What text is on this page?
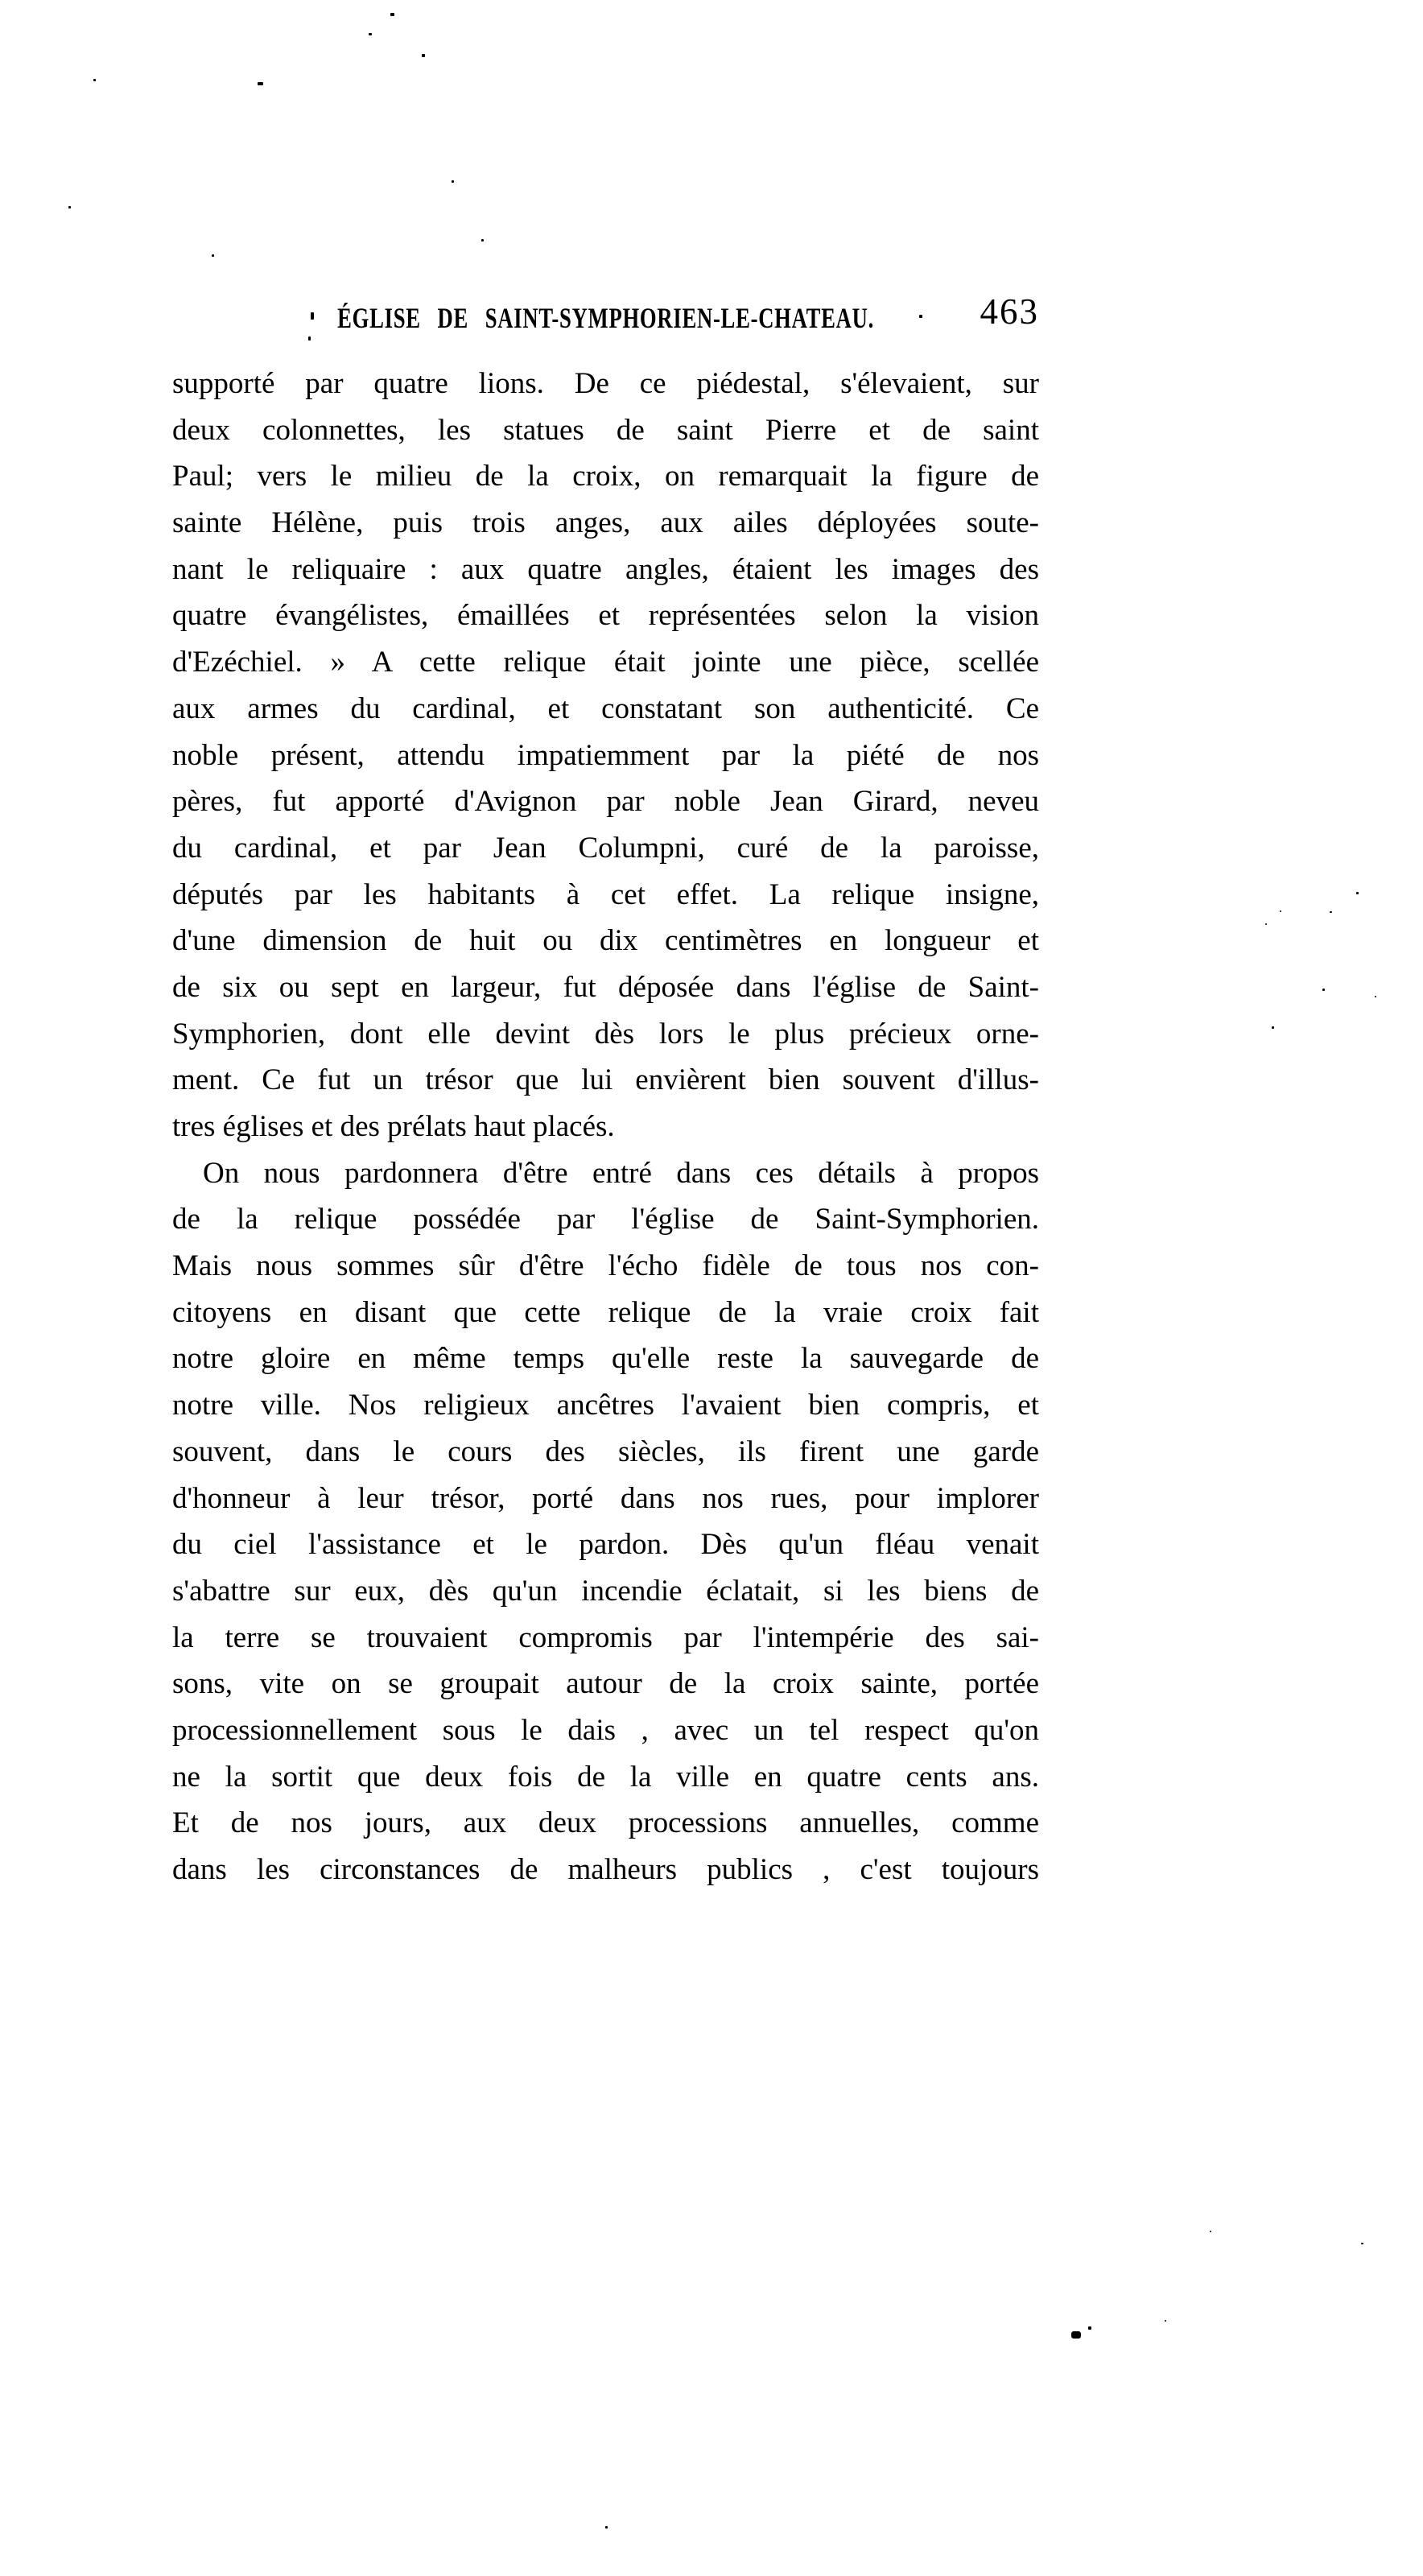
ÉGLISE DE SAINT-SYMPHORIEN-LE-CHATEAU.	463
supporté par quatre lions. De ce piédestal, s'élevaient, sur
deux colonnettes, les statues de saint Pierre et de saint
Paul; vers le milieu de la croix, on remarquait la figure de
sainte Hélène, puis trois anges, aux ailes déployées soute-
nant le reliquaire : aux quatre angles, étaient les images des
quatre évangélistes, émaillées et représentées selon la vision
d'Ezéchiel. » A cette relique était jointe une pièce, scellée
aux armes du cardinal, et constatant son authenticité. Ce
noble présent, attendu impatiemment par la piété de nos
pères, fut apporté d'Avignon par noble Jean Girard, neveu
du cardinal, et par Jean Columpni, curé de la paroisse,
députés par les habitants à cet effet. La relique insigne,
d'une dimension de huit ou dix centimètres en longueur et
de six ou sept en largeur, fut déposée dans l'église de Saint-
Symphorien, dont elle devint dès lors le plus précieux orne-
ment. Ce fut un trésor que lui envièrent bien souvent d'illus-
tres églises et des prélats haut placés.
On nous pardonnera d'être entré dans ces détails à propos
de la relique possédée par l'église de Saint-Symphorien.
Mais nous sommes sûr d'être l'écho fidèle de tous nos con-
citoyens en disant que cette relique de la vraie croix fait
notre gloire en même temps qu'elle reste la sauvegarde de
notre ville. Nos religieux ancêtres l'avaient bien compris, et
souvent, dans le cours des siècles, ils firent une garde
d'honneur à leur trésor, porté dans nos rues, pour implorer
du ciel l'assistance et le pardon. Dès qu'un fléau venait
s'abattre sur eux, dès qu'un incendie éclatait, si les biens de
la terre se trouvaient compromis par l'intempérie des sai-
sons, vite on se groupait autour de la croix sainte, portée
processionnellement sous le dais , avec un tel respect qu'on
ne la sortit que deux fois de la ville en quatre cents ans.
Et de nos jours, aux deux processions annuelles, comme
dans les circonstances de malheurs publics , c'est toujours
